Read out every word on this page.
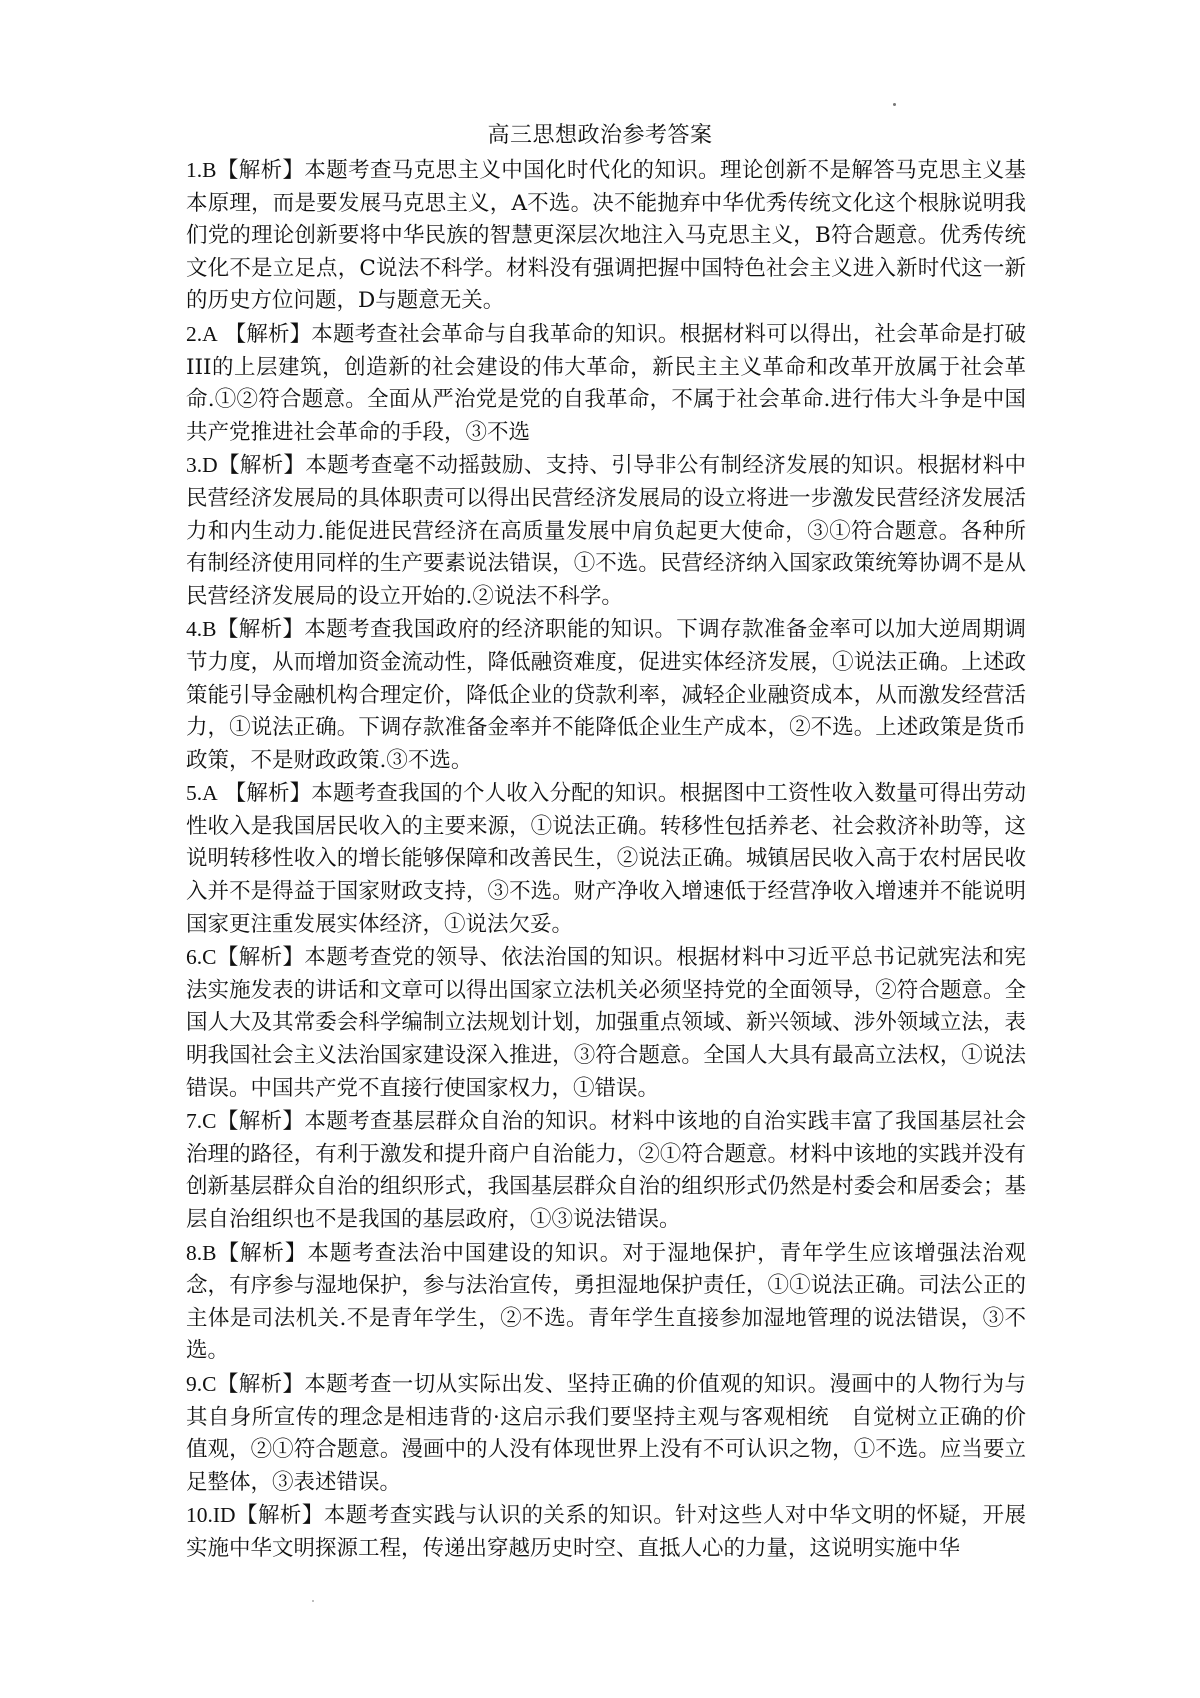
高三思想政治参考答案

1.B【解析】本题考查马克思主义中国化时代化的知识。理论创新不是解答马克思主义基本原理，而是要发展马克思主义，A不选。决不能抛弃中华优秀传统文化这个根脉说明我们党的理论创新要将中华民族的智慧更深层次地注入马克思主义，B符合题意。优秀传统文化不是立足点，C说法不科学。材料没有强调把握中国特色社会主义进入新时代这一新的历史方位问题，D与题意无关。

2.A 【解析】本题考查社会革命与自我革命的知识。根据材料可以得出，社会革命是打破III的上层建筑，创造新的社会建设的伟大革命，新民主主义革命和改革开放属于社会革命.①②符合题意。全面从严治党是党的自我革命，不属于社会革命.进行伟大斗争是中国共产党推进社会革命的手段，③不选

3.D【解析】本题考查毫不动摇鼓励、支持、引导非公有制经济发展的知识。根据材料中民营经济发展局的具体职责可以得出民营经济发展局的设立将进一步激发民营经济发展活力和内生动力.能促进民营经济在高质量发展中肩负起更大使命，③①符合题意。各种所有制经济使用同样的生产要素说法错误，①不选。民营经济纳入国家政策统筹协调不是从民营经济发展局的设立开始的.②说法不科学。

4.B【解析】本题考查我国政府的经济职能的知识。下调存款准备金率可以加大逆周期调节力度，从而增加资金流动性，降低融资难度，促进实体经济发展，①说法正确。上述政策能引导金融机构合理定价，降低企业的贷款利率，减轻企业融资成本，从而激发经营活力，①说法正确。下调存款准备金率并不能降低企业生产成本，②不选。上述政策是货币政策，不是财政政策.③不选。

5.A 【解析】本题考查我国的个人收入分配的知识。根据图中工资性收入数量可得出劳动性收入是我国居民收入的主要来源，①说法正确。转移性包括养老、社会救济补助等，这说明转移性收入的增长能够保障和改善民生，②说法正确。城镇居民收入高于农村居民收入并不是得益于国家财政支持，③不选。财产净收入增速低于经营净收入增速并不能说明国家更注重发展实体经济，①说法欠妥。

6.C【解析】本题考查党的领导、依法治国的知识。根据材料中习近平总书记就宪法和宪法实施发表的讲话和文章可以得出国家立法机关必须坚持党的全面领导，②符合题意。全国人大及其常委会科学编制立法规划计划，加强重点领域、新兴领域、涉外领域立法，表明我国社会主义法治国家建设深入推进，③符合题意。全国人大具有最高立法权，①说法错误。中国共产党不直接行使国家权力，①错误。

7.C【解析】本题考查基层群众自治的知识。材料中该地的自治实践丰富了我国基层社会治理的路径，有利于激发和提升商户自治能力，②①符合题意。材料中该地的实践并没有创新基层群众自治的组织形式，我国基层群众自治的组织形式仍然是村委会和居委会；基层自治组织也不是我国的基层政府，①③说法错误。

8.B【解析】本题考查法治中国建设的知识。对于湿地保护，青年学生应该增强法治观念，有序参与湿地保护，参与法治宣传，勇担湿地保护责任，①①说法正确。司法公正的主体是司法机关.不是青年学生，②不选。青年学生直接参加湿地管理的说法错误，③不选。

9.C【解析】本题考查一切从实际出发、坚持正确的价值观的知识。漫画中的人物行为与其自身所宣传的理念是相违背的·这启示我们要坚持主观与客观相统　自觉树立正确的价值观，②①符合题意。漫画中的人没有体现世界上没有不可认识之物，①不选。应当要立足整体，③表述错误。

10.ID【解析】本题考查实践与认识的关系的知识。针对这些人对中华文明的怀疑，开展实施中华文明探源工程，传递出穿越历史时空、直抵人心的力量，这说明实施中华
